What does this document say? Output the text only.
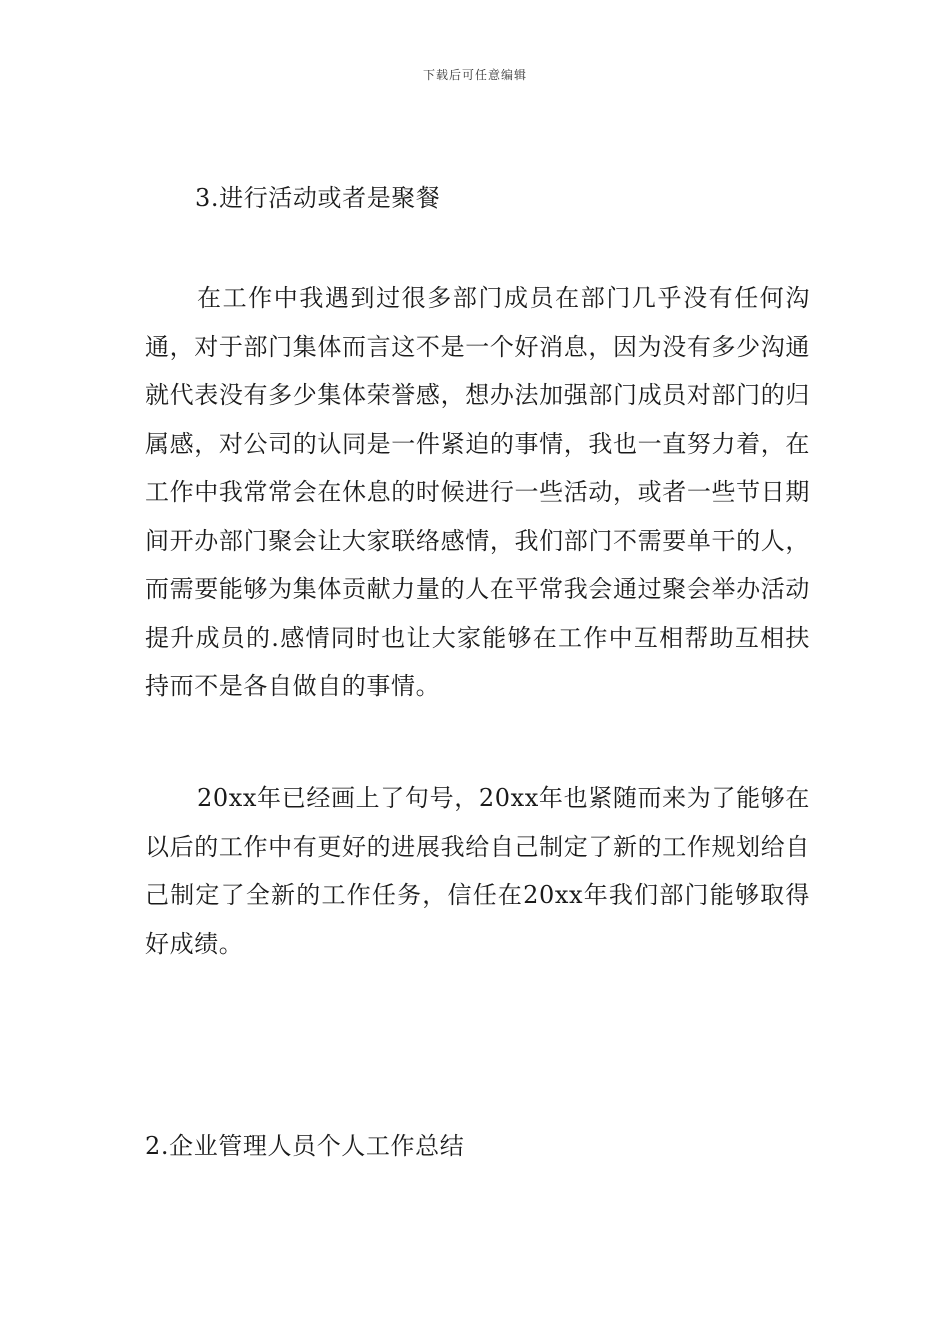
下载后可任意编辑
3.进行活动或者是聚餐

在工作中我遇到过很多部门成员在部门几乎没有任何沟通，对于部门集体而言这不是一个好消息，因为没有多少沟通就代表没有多少集体荣誉感，想办法加强部门成员对部门的归属感，对公司的认同是一件紧迫的事情，我也一直努力着，在工作中我常常会在休息的时候进行一些活动，或者一些节日期间开办部门聚会让大家联络感情，我们部门不需要单干的人，而需要能够为集体贡献力量的人在平常我会通过聚会举办活动提升成员的.感情同时也让大家能够在工作中互相帮助互相扶持而不是各自做自的事情。

20xx年已经画上了句号，20xx年也紧随而来为了能够在以后的工作中有更好的进展我给自己制定了新的工作规划给自己制定了全新的工作任务，信任在20xx年我们部门能够取得好成绩。

2.企业管理人员个人工作总结
